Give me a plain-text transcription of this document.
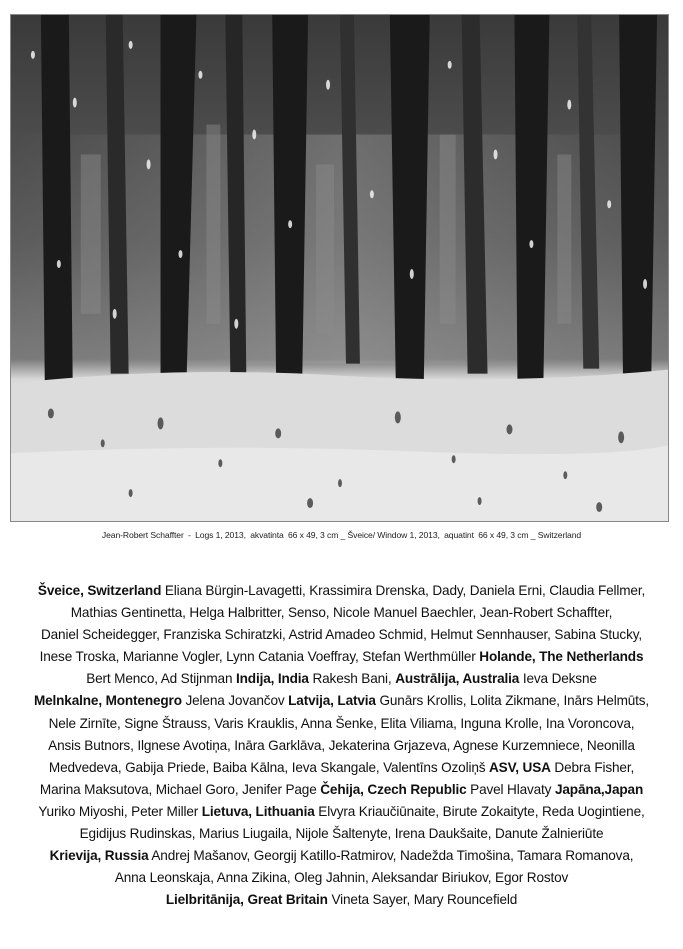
Jean-Robert Schaffter - Logs 1, 2013, akvatinta 66 x 49, 3 cm _ Šveice/ Window 1, 2013, aquatint 66 x 49, 3 cm _ Switzerland
Šveice, Switzerland Eliana Bürgin-Lavagetti, Krassimira Drenska, Dady, Daniela Erni, Claudia Fellmer,
Mathias Gentinetta, Helga Halbritter, Senso, Nicole Manuel Baechler, Jean-Robert Schaffter,
Daniel Scheidegger, Franziska Schiratzki, Astrid Amadeo Schmid, Helmut Sennhauser, Sabina Stucky,
Inese Troska, Marianne Vogler, Lynn Catania Voeffray, Stefan Werthmüller Holande, The Netherlands
Bert Menco, Ad Stijnman Indija, India Rakesh Bani, Austrālija, Australia Ieva Deksne
Melnkalne, Montenegro Jelena Jovančov Latvija, Latvia Gunārs Krollis, Lolita Zikmane, Inārs Helmūts,
Nele Zirnīte, Signe Štrauss, Varis Krauklis, Anna Šenke, Elita Viliama, Inguna Krolle, Ina Voroncova,
Ansis Butnors, Ilgnese Avotiņa, Ināra Garklāva, Jekaterina Grjazeva, Agnese Kurzemniece, Neonilla
Medvedeva, Gabija Priede, Baiba Kālna, Ieva Skangale, Valentīns Ozoliņš ASV, USA Debra Fisher,
Marina Maksutova, Michael Goro, Jenifer Page Čehija, Czech Republic Pavel Hlavaty Japāna,Japan
Yuriko Miyoshi, Peter Miller Lietuva, Lithuania Elvyra Kriaučiūnaite, Birute Zokaityte, Reda Uogintiene,
Egidijus Rudinskas, Marius Liugaila, Nijole Šaltenyte, Irena Daukšaite, Danute Žalnieriūte
Krievija, Russia Andrej Mašanov, Georgij Katillo-Ratmirov, Nadežda Timošina, Tamara Romanova,
Anna Leonskaja, Anna Zikina, Oleg Jahnin, Aleksandar Biriukov, Egor Rostov
Lielbritānija, Great Britain Vineta Sayer, Mary Rouncefield
